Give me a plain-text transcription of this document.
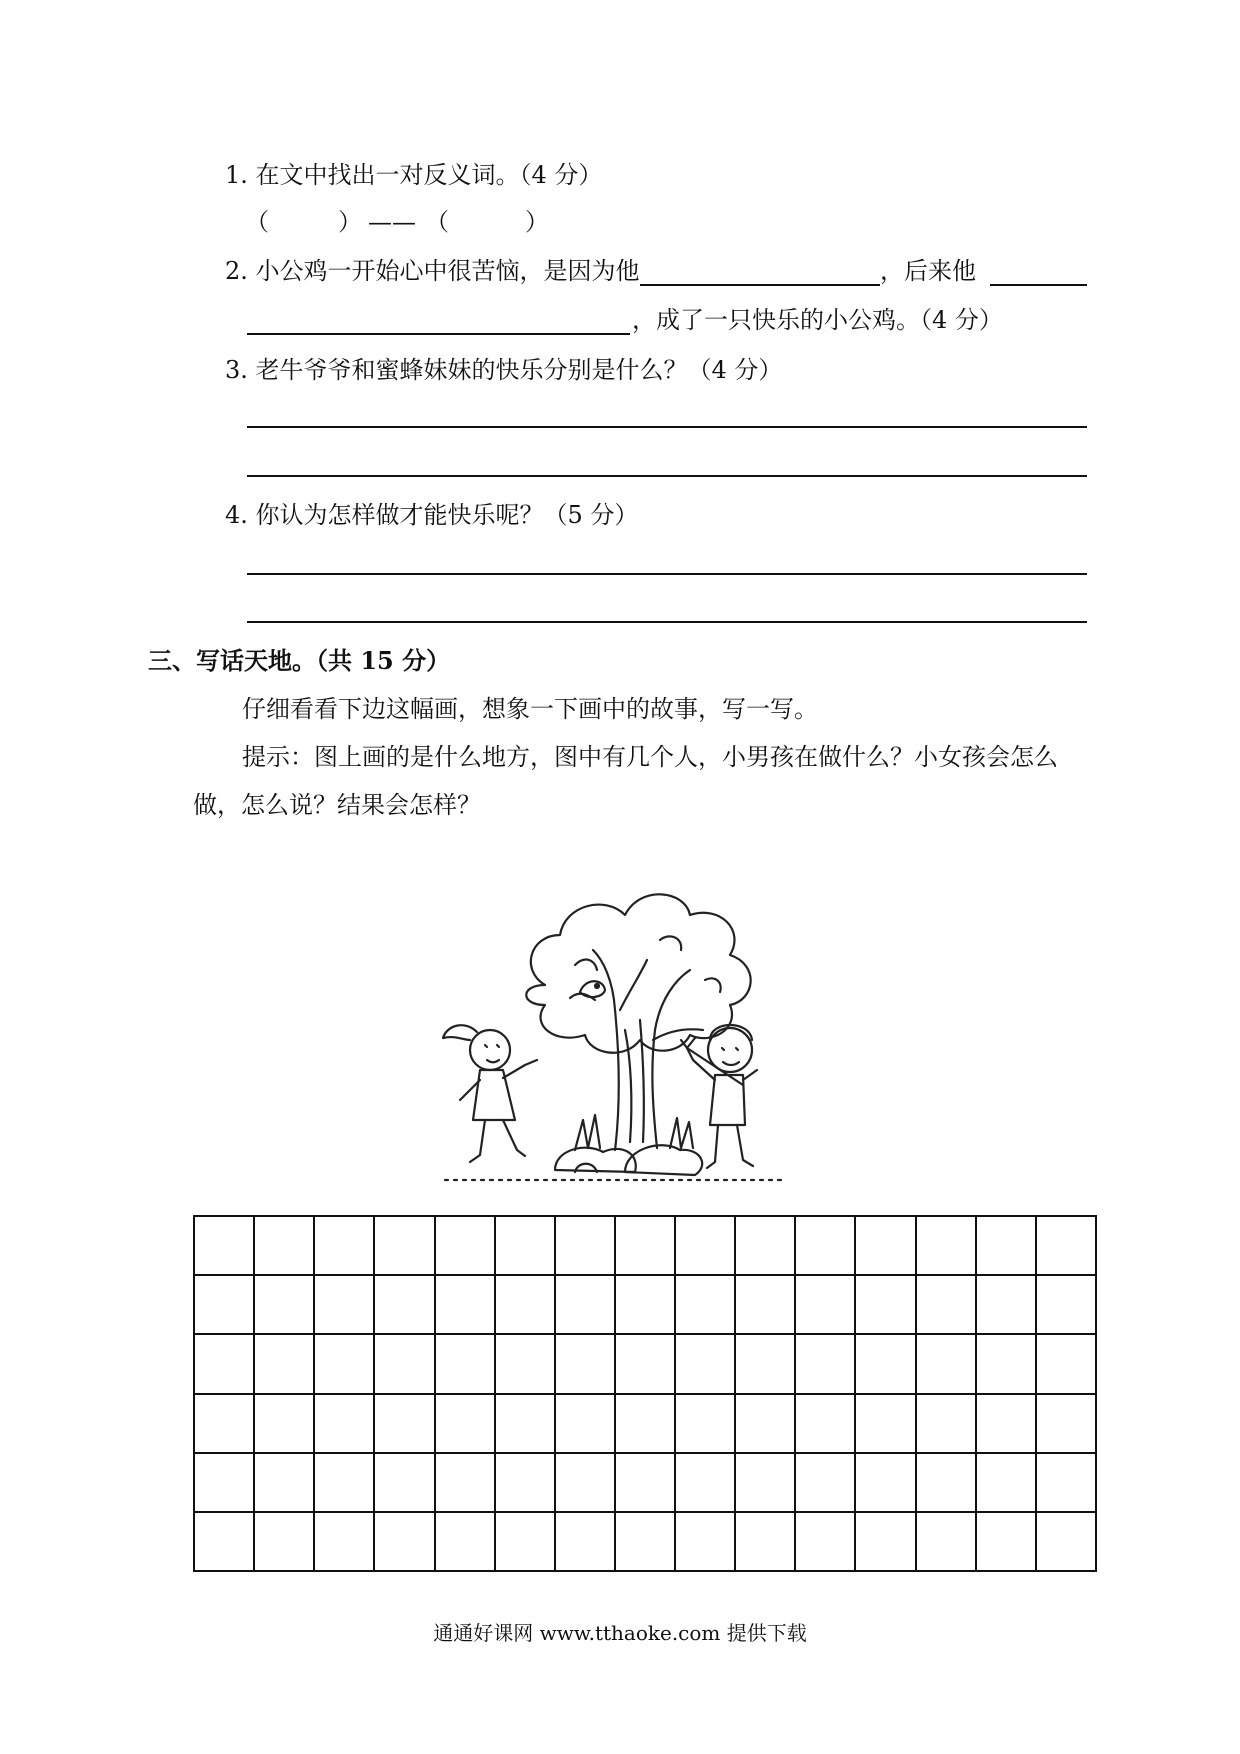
1. 在文中找出一对反义词。（4 分）
（	） —— （	）
2. 小公鸡一开始心中很苦恼，是因为他	，后来他
，成了一只快乐的小公鸡。（4 分）
3. 老牛爷爷和蜜蜂妹妹的快乐分别是什么？（4 分）
4. 你认为怎样做才能快乐呢？（5 分）
三、写话天地。（共 15 分）
仔细看看下边这幅画，想象一下画中的故事，写一写。
提示：图上画的是什么地方，图中有几个人，小男孩在做什么？小女孩会怎么
做，怎么说？结果会怎样？
通通好课网 www.tthaoke.com 提供下载
